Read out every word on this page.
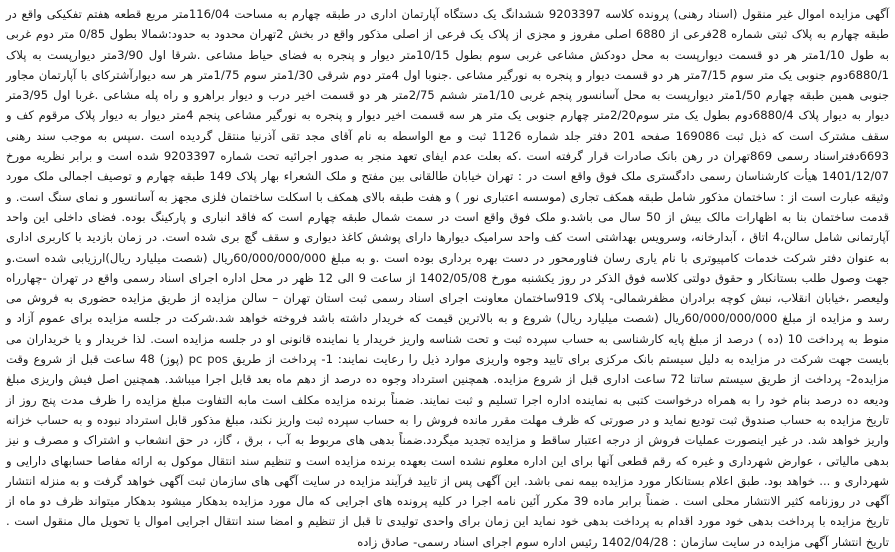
آگهی مزایده اموال غیر منقول (اسناد رهنی) پرونده کلاسه 9203397 ششدانگ یک دستگاه آپارتمان اداری در طبقه چهارم به مساحت 116/04متر مربع قطعه هفتم تفکیکی واقع در طبقه چهارم به پلاک ثبتی شماره 28فرعی از 6880 اصلی مفروز و مجزی از پلاک یک فرعی از اصلی مذکور واقع در بخش 2تهران محدود به حدود:شمالا بطول 0/85 متر دوم غربی به طول 1/10متر هر دو قسمت دیوارپست به محل دودکش مشاعی غربی سوم بطول 10/15متر دیوار و پنجره به فضای حیاط مشاعی .شرقا اول 3/90متر دیوارپست به پلاک 6880/1دوم جنوبی یک متر سوم 7/15متر هر دو قسمت دیوار و پنجره به نورگیر مشاعی .جنوبا اول 4متر دوم شرقی 1/30متر سوم 1/75متر هر سه دیوارآشترکای با آپارتمان مجاور جنوبی همین طبقه چهارم 1/50متر دیوارپست به محل آسانسور پنجم غربی 1/10متر ششم 2/75متر هر دو قسمت اخیر درب و دیوار براهرو و راه پله مشاعی .غربا اول 3/95متر دیوار به دیوار پلاک 6880/4دوم بطول یک متر سوم2/20متر چهارم جنوبی یک متر هر سه قسمت اخیر دیوار و پنجره به نورگیر مشاعی پنجم 4متر دیوار به دیوار پلاک مرقوم کف و سقف مشترک است که ذیل ثبت 169086 صفحه 201 دفتر جلد شماره 1126 ثبت و مع الواسطه به نام آقای مجد تقی آذرنیا منتقل گردیده است .سپس به موجب سند رهنی 6693دفتراسناد رسمی 869تهران در رهن بانک صادرات قرار گرفته است .که بعلت عدم ایفای تعهد منجر به صدور اجرائیه تحت شماره 9203397 شده است و برابر نظریه مورخ 1401/12/07 هیأت کارشناسان رسمی دادگستری ملک فوق واقع است در : تهران خیابان طالقانی بین مفتح و ملک الشعراء بهار پلاک 149 طبقه چهارم و توصیف اجمالی ملک مورد وثیقه عبارت است از : ساختمان مذکور شامل طبقه همکف تجاری (موسسه اعتباری نور ) و هفت طبقه بالای همکف با اسکلت ساختمان فلزی مجهز به آسانسور و نمای سنگ است. و قدمت ساختمان بنا به اظهارات مالک بیش از 50 سال می باشد.و ملک فوق واقع است در سمت شمال طبقه چهارم است که فاقد انباری و پارکینگ بوده. فضای داخلی این واحد آپارتمانی شامل سالن،4 اتاق ، آبدارخانه، وسرویس بهداشتی است کف واحد سرامیک دیوارها دارای پوشش کاغذ دیواری و سقف گچ بری شده است. در زمان بازدید با کاربری اداری به عنوان دفتر شرکت خدمات کامپیوتری با نام یاری رسان فناورمحور در دست بهره برداری بوده است .و به مبلغ 60/000/000/000ریال (شصت میلیارد ریال)ارزیابی شده است.و جهت وصول طلب بستانکار و حقوق دولتی کلاسه فوق الذکر در روز یکشنبه مورخ 1402/05/08 از ساعت 9 الی 12 ظهر در محل اداره اجرای اسناد رسمی واقع در تهران -چهارراه ولیعصر ،خیابان انقلاب، نبش کوچه برادران مظفرشمالی- پلاک 919ساختمان معاونت اجرای اسناد رسمی ثبت استان تهران – سالن مزایده از طریق مزایده حضوری به فروش می رسد و مزایده از مبلغ 60/000/000/000ریال (شصت میلیارد ریال) شروع و به بالاترین قیمت که خریدار داشته باشد فروخته خواهد شد.شرکت در جلسه مزایده برای عموم آزاد و منوط به پرداخت 10 (ده ) درصد از مبلغ پایه کارشناسی به حساب سپرده ثبت و تحت شناسه واریز خریدار یا نماینده قانونی او در جلسه مزایده است. لذا خریدار و یا خریداران می بایست جهت شرکت در مزایده به دلیل سیستم بانک مرکزی برای تایید وجوه واریزی موارد ذیل را رعایت نمایند: 1- پرداخت از طریق pc pos (پوز) 48 ساعت قبل از شروع وقت مزایده2- پرداخت از طریق سیستم ساتنا 72 ساعت اداری قبل از شروع مزایده. همچنین استرداد وجوه ده درصد از دهم ماه بعد قابل اجرا میباشد. همچنین اصل فیش واریزی مبلغ ودیعه ده درصد بنام خود را به همراه درخواست کتبی به نماینده اداره اجرا تسلیم و ثبت نمایند. ضمناً برنده مزایده مکلف است مابه التفاوت مبلغ مزایده را ظرف مدت پنج روز از تاریخ مزایده به حساب صندوق ثبت تودیع نماید و در صورتی که ظرف مهلت مقرر مانده فروش را به حساب سپرده ثبت واریز نکند، مبلغ مذکور قابل استرداد نبوده و به حساب خزانه واریز خواهد شد. در غیر اینصورت عملیات فروش از درجه اعتبار ساقط و مزایده تجدید میگردد.ضمناً بدهی های مربوط به آب ، برق ، گاز، در حق انشعاب و اشتراک و مصرف و نیز بدهی مالیاتی ، عوارض شهرداری و غیره که رقم قطعی آنها برای این اداره معلوم نشده است بعهده برنده مزایده است و تنظیم سند انتقال موکول به ارائه مفاصا حسابهای دارایی و شهرداری و ... خواهد بود. طبق اعلام بستانکار مورد مزایده بیمه نمی باشد. این آگهی پس از تایید فرآیند مزایده در سایت آگهی های سازمان ثبت آگهی خواهد گرفت و به منزله انتشار آگهی در روزنامه کثیر الانتشار محلی است . ضمناً برابر ماده 39 مکرر آئین نامه اجرا در کلیه پرونده های اجرایی که مال مورد مزایده بدهکار میشود بدهکار میتواند ظرف دو ماه از تاریخ مزایده با پرداخت بدهی خود مورد اقدام به پرداخت بدهی خود نماید این زمان برای واحدی تولیدی تا قبل از تنظیم و امضا سند انتقال اجرایی اموال یا تحویل مال منقول است . تاریخ انتشار آگهی مزایده در سایت سازمان : 1402/04/28 رئیس اداره سوم اجرای اسناد رسمی- صادق زاده
